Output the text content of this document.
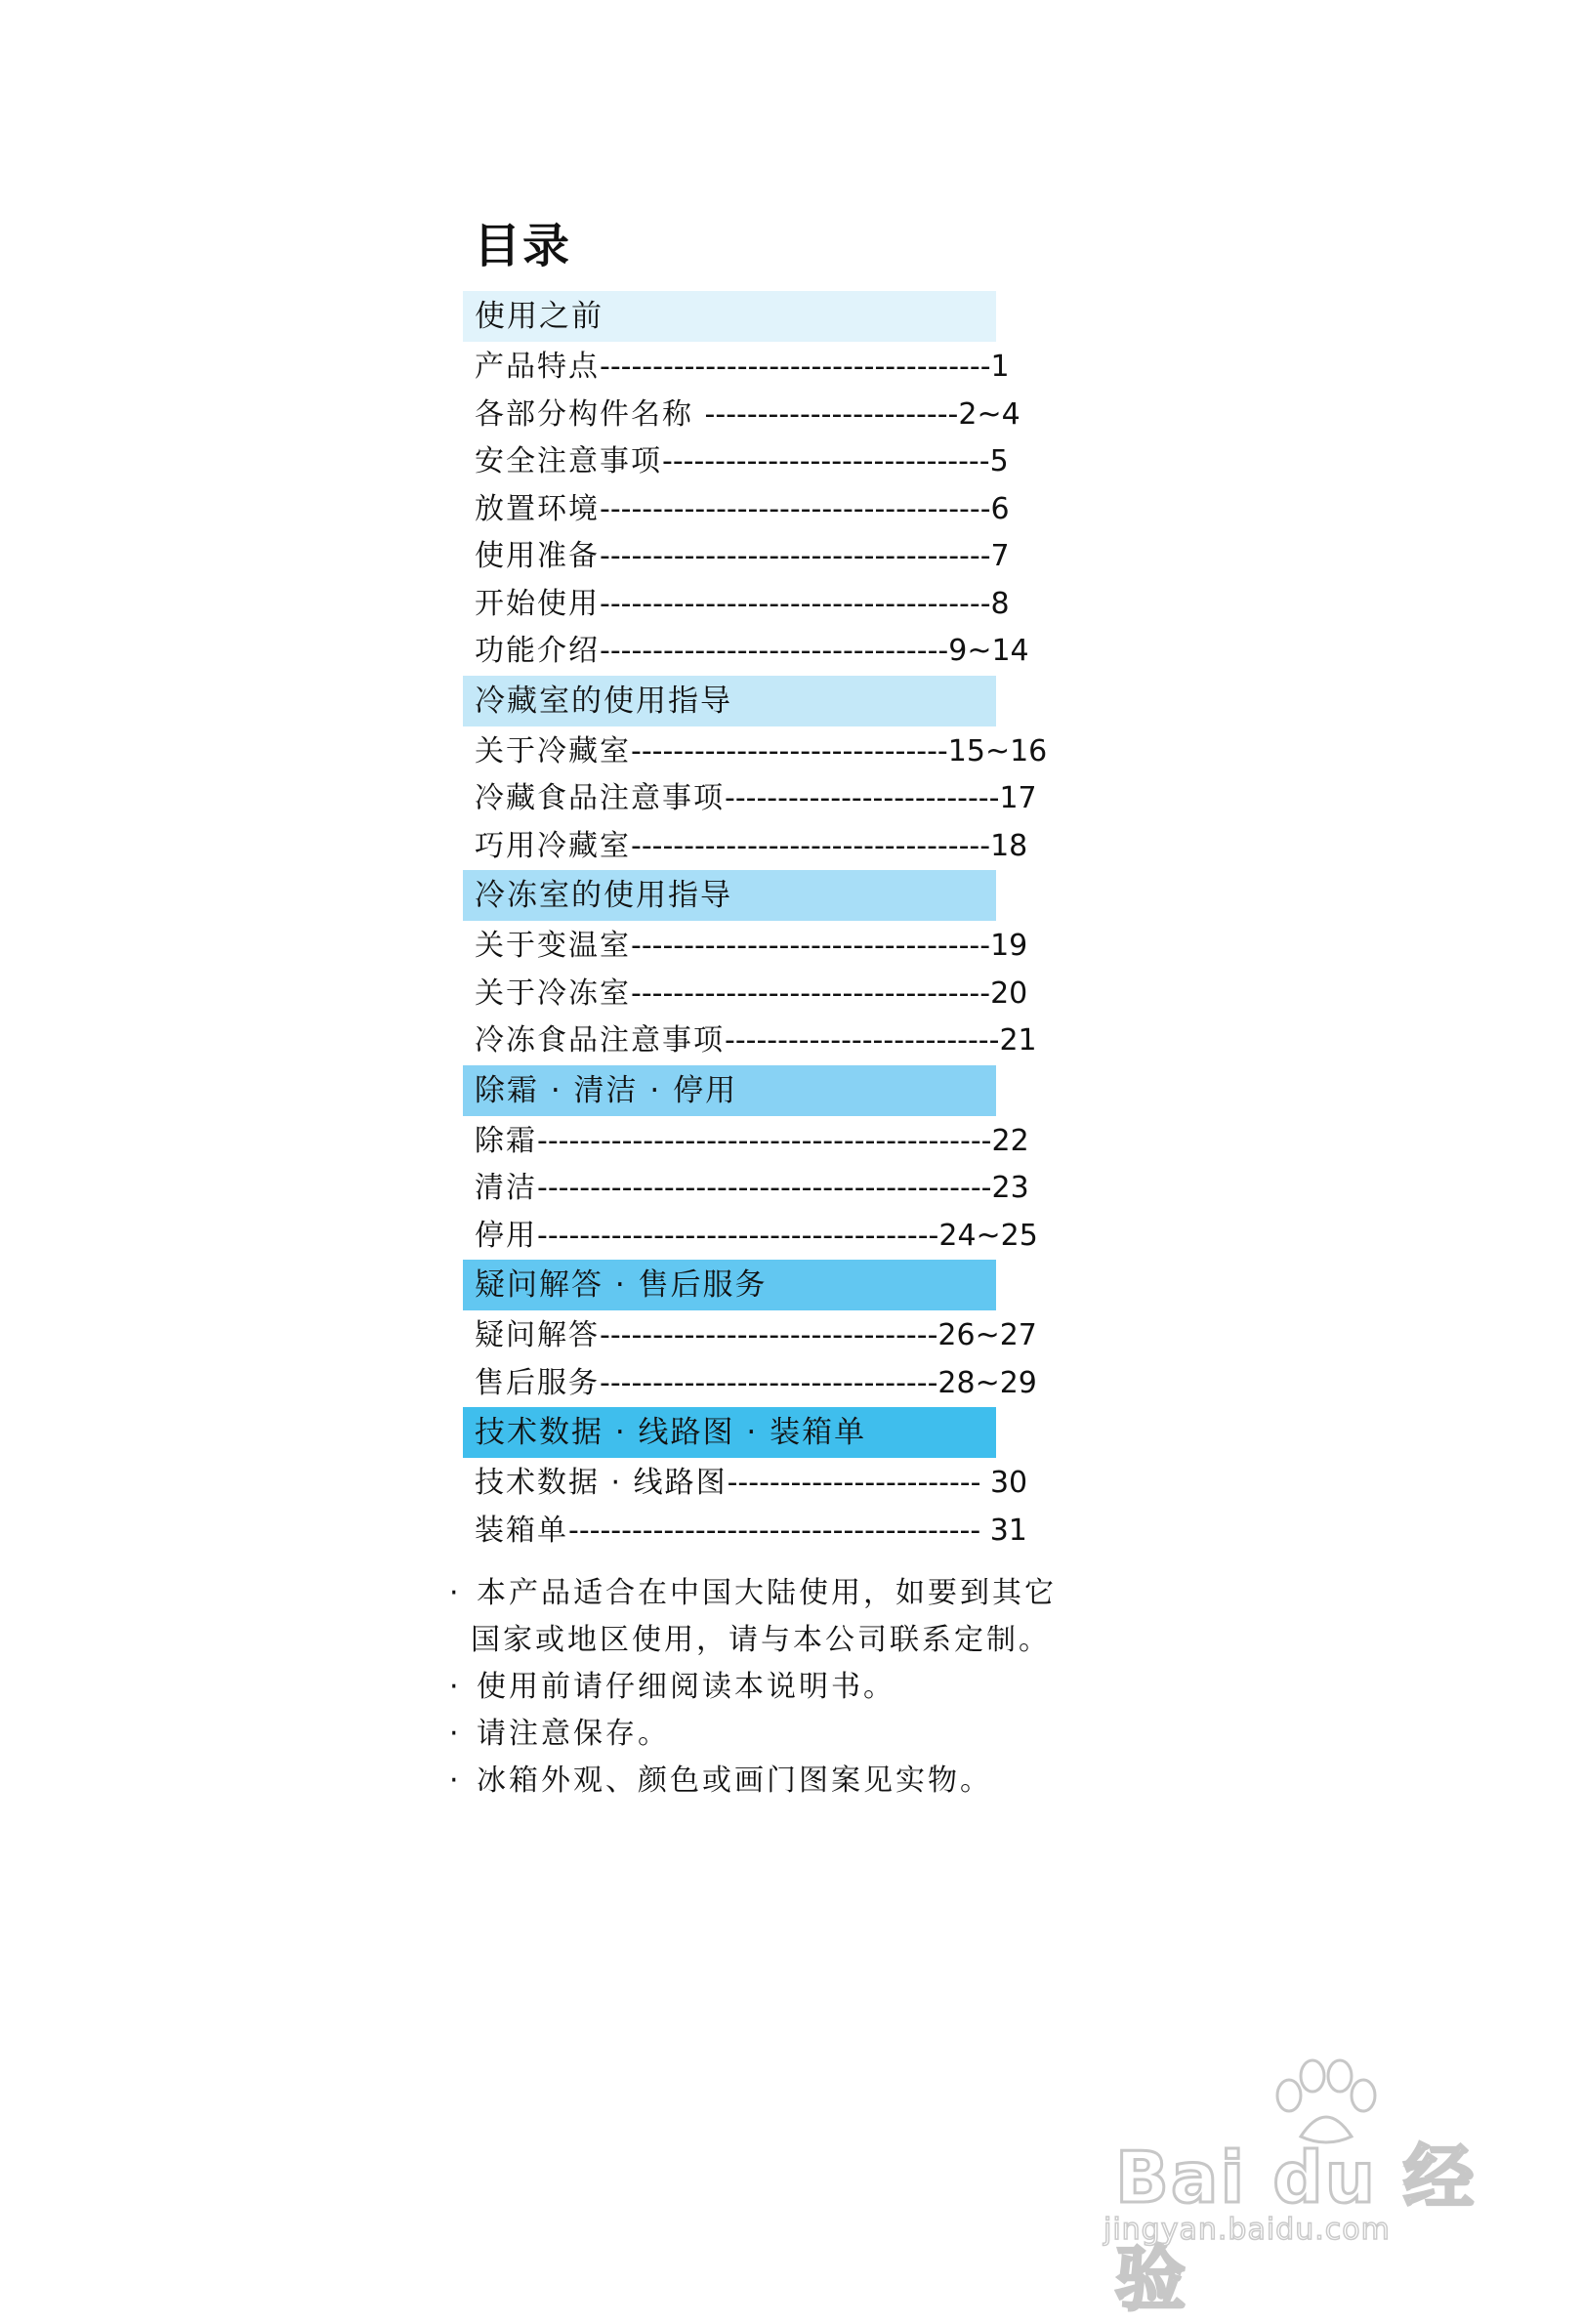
目录
使用之前
产品特点-------------------------------------1
各部分构件名称 ------------------------2~4
安全注意事项-------------------------------5
放置环境-------------------------------------6
使用准备-------------------------------------7
开始使用-------------------------------------8
功能介绍---------------------------------9~14
冷藏室的使用指导
关于冷藏室------------------------------15~16
冷藏食品注意事项--------------------------17
巧用冷藏室----------------------------------18
冷冻室的使用指导
关于变温室----------------------------------19
关于冷冻室----------------------------------20
冷冻食品注意事项--------------------------21
除霜 · 清洁 · 停用
除霜-------------------------------------------22
清洁-------------------------------------------23
停用--------------------------------------24~25
疑问解答 · 售后服务
疑问解答--------------------------------26~27
售后服务--------------------------------28~29
技术数据 · 线路图 · 装箱单
技术数据 · 线路图------------------------ 30
装箱单--------------------------------------- 31
· 本产品适合在中国大陆使用，如要到其它
国家或地区使用，请与本公司联系定制。
· 使用前请仔细阅读本说明书。
· 请注意保存。
· 冰箱外观、颜色或画门图案见实物。
Bai du 经验
jingyan.baidu.com
